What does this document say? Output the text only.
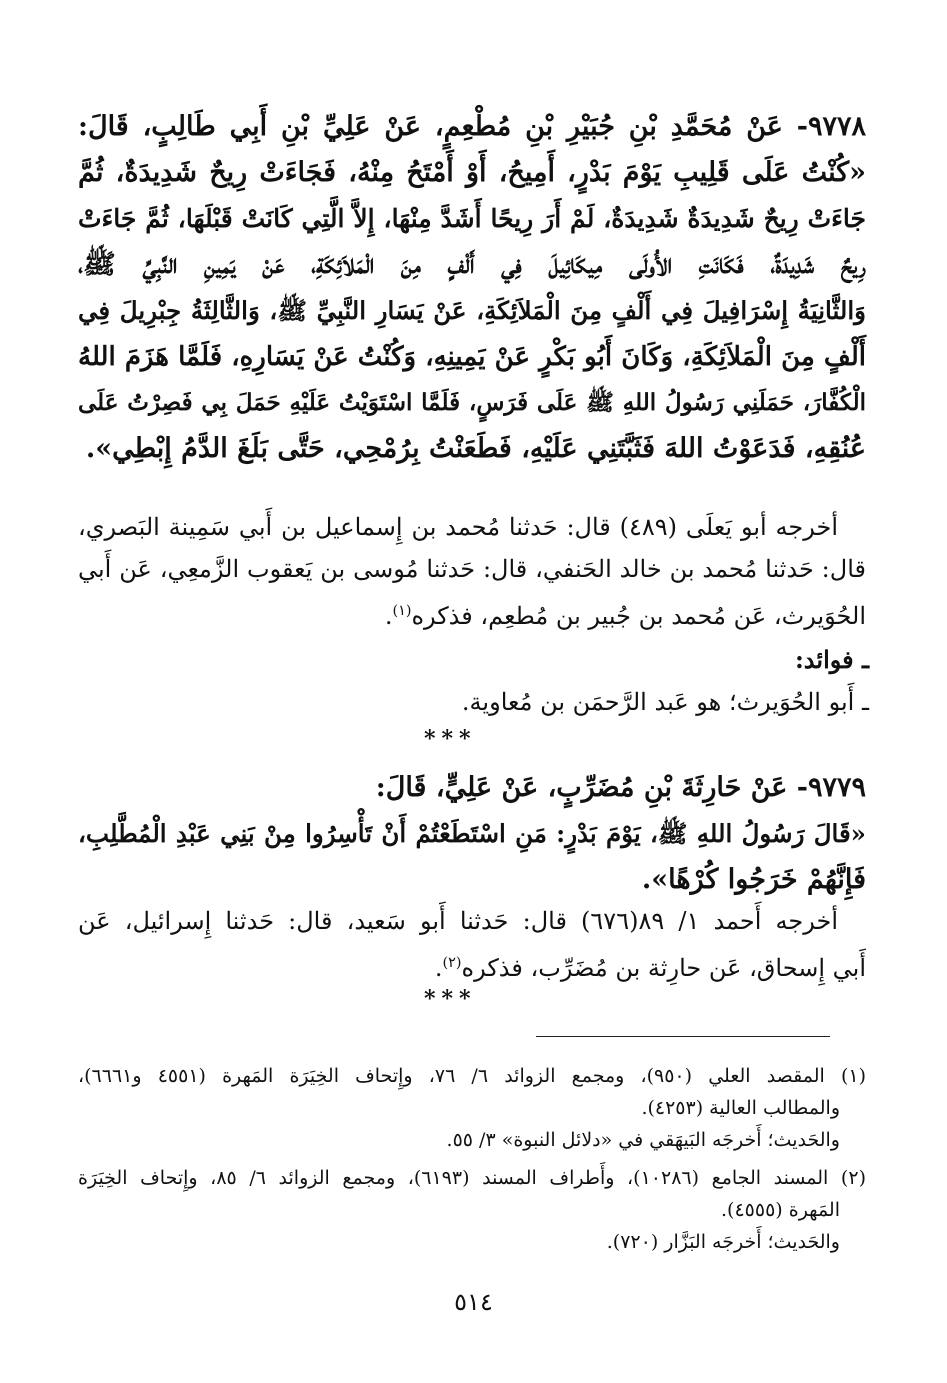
٩٧٧٨- عَنْ مُحَمَّدِ بْنِ جُبَيْرِ بْنِ مُطْعِمٍ، عَنْ عَلِيِّ بْنِ أَبِي طَالِبٍ، قَالَ:
«كُنْتُ عَلَى قَلِيبِ يَوْمَ بَدْرٍ، أَمِيحُ، أَوْ أَمْتَحُ مِنْهُ، فَجَاءَتْ رِيحٌ شَدِيدَةٌ، ثُمَّ
جَاءَتْ رِيحٌ شَدِيدَةٌ شَدِيدَةٌ، لَمْ أَرَ رِيحًا أَشَدَّ مِنْهَا، إِلاَّ الَّتِي كَانَتْ قَبْلَهَا، ثُمَّ جَاءَتْ
رِيحٌ شَدِيدَةٌ، فَكَانَتِ الأُولَى مِيكَائِيلَ فِي أَلْفٍ مِنَ الْمَلاَئِكَةِ، عَنْ يَمِينِ النَّبِيِّ ﷺ،
وَالثَّانِيَةُ إِسْرَافِيلَ فِي أَلْفٍ مِنَ الْمَلاَئِكَةِ، عَنْ يَسَارِ النَّبِيِّ ﷺ، وَالثَّالِثَةُ جِبْرِيلَ فِي
أَلْفٍ مِنَ الْمَلاَئِكَةِ، وَكَانَ أَبُو بَكْرٍ عَنْ يَمِينِهِ، وَكُنْتُ عَنْ يَسَارِهِ، فَلَمَّا هَزَمَ اللهُ
الْكُفَّارَ، حَمَلَنِي رَسُولُ اللهِ ﷺ عَلَى فَرَسٍ، فَلَمَّا اسْتَوَيْتُ عَلَيْهِ حَمَلَ بِي فَصِرْتُ عَلَى
عُنُقِهِ، فَدَعَوْتُ اللهَ فَثَبَّتَنِي عَلَيْهِ، فَطَعَنْتُ بِرُمْحِي، حَتَّى بَلَغَ الدَّمُ إِبْطِي».
أخرجه أبو يَعلَى (٤٨٩) قال: حَدثنا مُحمد بن إِسماعيل بن أَبي سَمِينة البَصري،
قال: حَدثنا مُحمد بن خالد الحَنفي، قال: حَدثنا مُوسى بن يَعقوب الزَّمعِي، عَن أَبي
الحُوَيرث، عَن مُحمد بن جُبير بن مُطعِم، فذكره$^{(١)}$.
ـ فوائد:
ـ أَبو الحُوَيرث؛ هو عَبد الرَّحمَن بن مُعاوية.
***
٩٧٧٩- عَنْ حَارِثَةَ بْنِ مُضَرِّبٍ، عَنْ عَلِيٍّ، قَالَ:
«قَالَ رَسُولُ اللهِ ﷺ، يَوْمَ بَدْرٍ: مَنِ اسْتَطَعْتُمْ أَنْ تَأْسِرُوا مِنْ بَنِي عَبْدِ الْمُطَّلِبِ،
فَإِنَّهُمْ خَرَجُوا كُرْهًا».
أخرجه أَحمد ١/ ٨٩(٦٧٦) قال: حَدثنا أَبو سَعيد، قال: حَدثنا إِسرائيل، عَن
أَبي إِسحاق، عَن حارِثة بن مُضَرِّب، فذكره$^{(٢)}$.
***
(١) المقصد العلي (٩٥٠)، ومجمع الزوائد ٦/ ٧٦، وإِتحاف الخِيَرَة المَهرة (٤٥٥١ و٦٦٦١)،
والمطالب العالية (٤٢٥٣).
والحَديث؛ أَخرجَه البَيهَقي في «دلائل النبوة» ٣/ ٥٥.
(٢) المسند الجامع (١٠٢٨٦)، وأَطراف المسند (٦١٩٣)، ومجمع الزوائد ٦/ ٨٥، وإِتحاف الخِيَرَة
المَهرة (٤٥٥٥).
والحَديث؛ أَخرجَه البَزَّار (٧٢٠).
٥١٤
